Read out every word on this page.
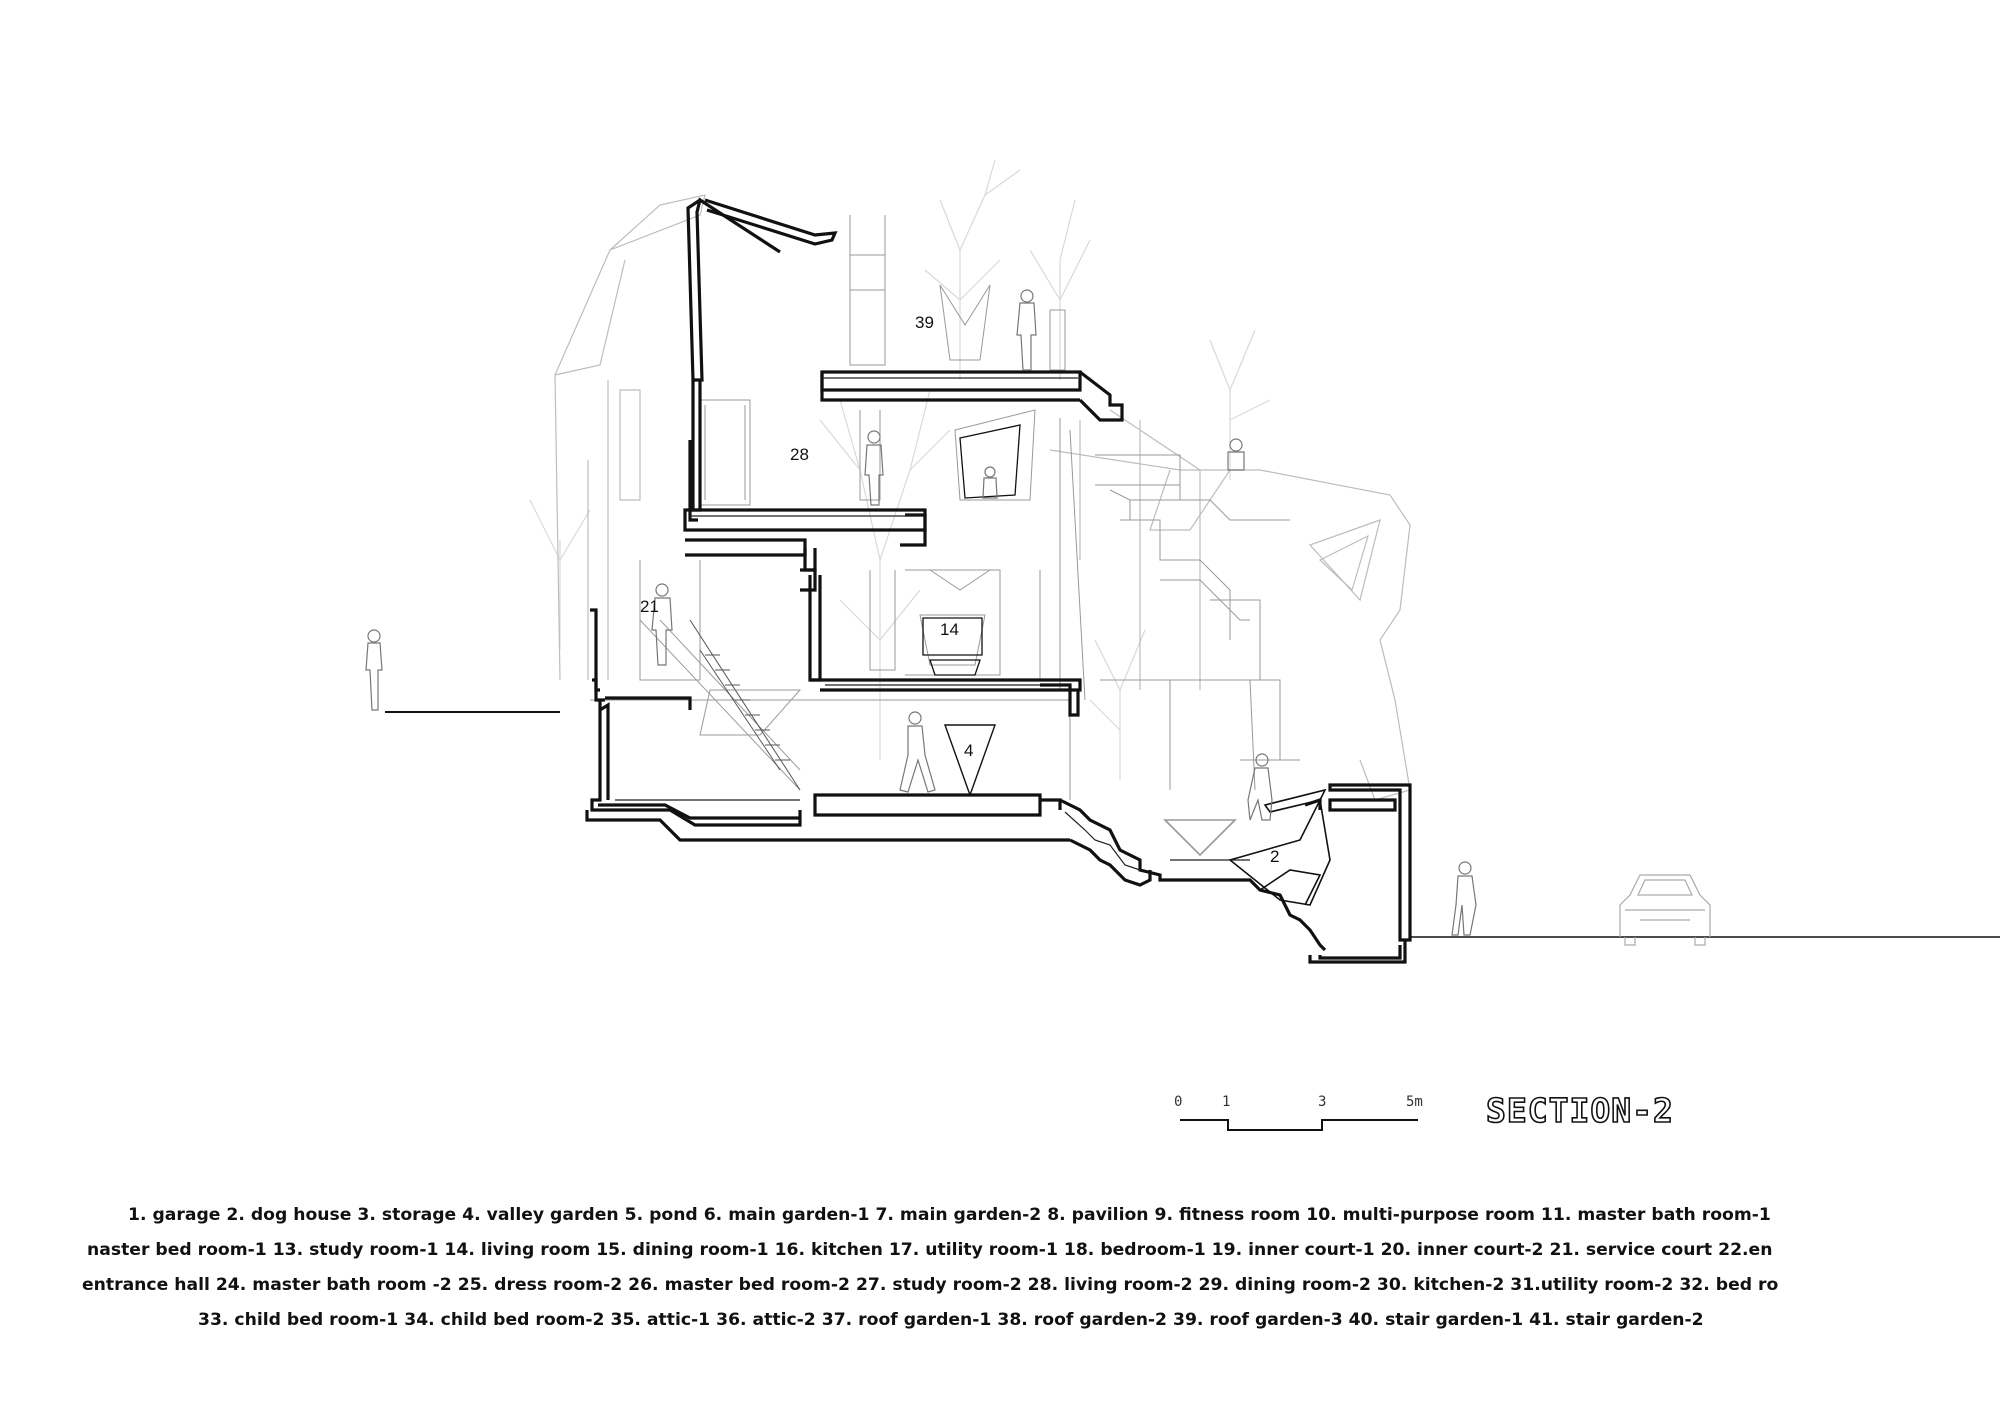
39
28
14
21
4
2
0	1	3	5m SECTION-2
1. garage 2. dog house 3. storage 4. valley garden 5. pond 6. main garden-1 7. main garden-2 8. pavilion 9. fitness room 10. multi-purpose room 11. master bath room-1
naster bed room-1 13. study room-1 14. living room 15. dining room-1 16. kitchen 17. utility room-1 18. bedroom-1 19. inner court-1 20. inner court-2 21. service court 22.en
entrance hall 24. master bath room -2 25. dress room-2 26. master bed room-2 27. study room-2 28. living room-2 29. dining room-2 30. kitchen-2 31.utility room-2 32. bed ro
33. child bed room-1 34. child bed room-2 35. attic-1 36. attic-2 37. roof garden-1 38. roof garden-2 39. roof garden-3 40. stair garden-1 41. stair garden-2
